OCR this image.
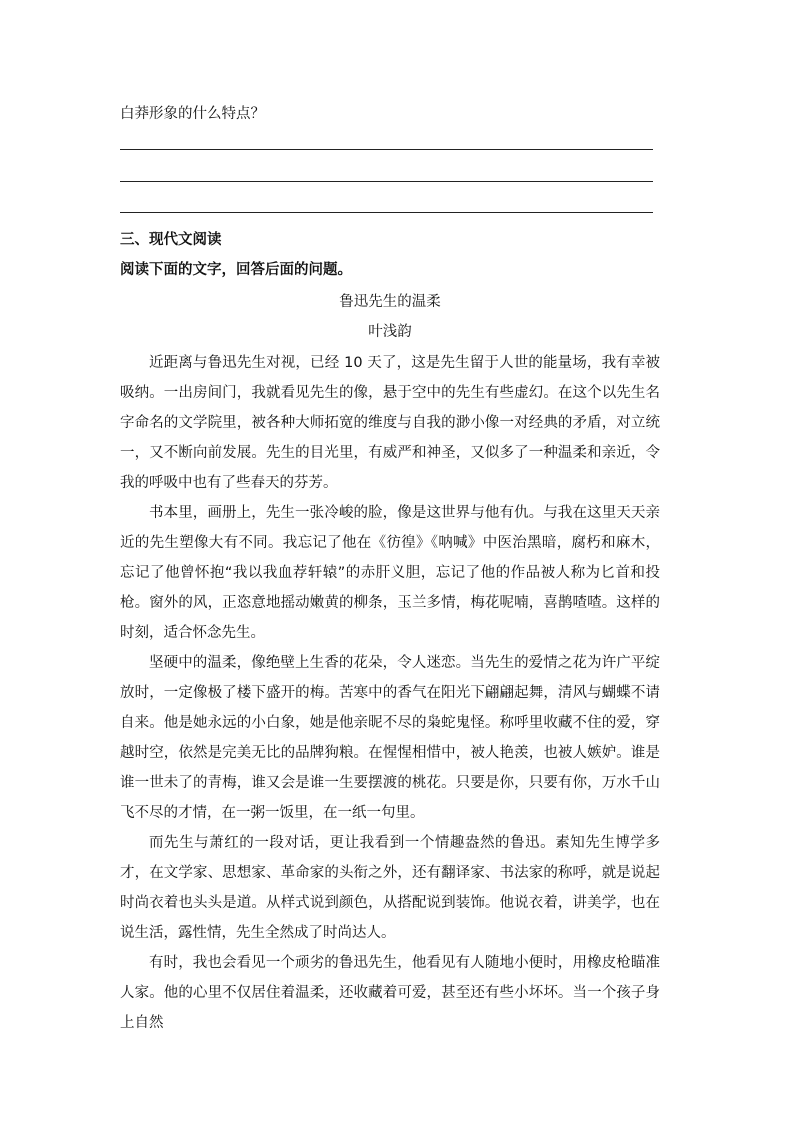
白莽形象的什么特点？
三、现代文阅读
阅读下面的文字，回答后面的问题。
鲁迅先生的温柔
叶浅韵

近距离与鲁迅先生对视，已经 10 天了，这是先生留于人世的能量场，我有幸被吸纳。一出房间门，我就看见先生的像，悬于空中的先生有些虚幻。在这个以先生名字命名的文学院里，被各种大师拓宽的维度与自我的渺小像一对经典的矛盾，对立统一，又不断向前发展。先生的目光里，有威严和神圣，又似多了一种温柔和亲近，令我的呼吸中也有了些春天的芬芳。

书本里，画册上，先生一张冷峻的脸，像是这世界与他有仇。与我在这里天天亲近的先生塑像大有不同。我忘记了他在《彷徨》《呐喊》中医治黑暗，腐朽和麻木，忘记了他曾怀抱“我以我血荐轩辕”的赤肝义胆，忘记了他的作品被人称为匕首和投枪。窗外的风，正恣意地摇动嫩黄的柳条，玉兰多情，梅花呢喃，喜鹊喳喳。这样的时刻，适合怀念先生。

坚硬中的温柔，像绝壁上生香的花朵，令人迷恋。当先生的爱情之花为许广平绽放时，一定像极了楼下盛开的梅。苦寒中的香气在阳光下翩翩起舞，清风与蝴蝶不请自来。他是她永远的小白象，她是他亲昵不尽的枭蛇鬼怪。称呼里收藏不住的爱，穿越时空，依然是完美无比的品牌狗粮。在惺惺相惜中，被人艳羡，也被人嫉妒。谁是谁一世未了的青梅，谁又会是谁一生要摆渡的桃花。只要是你，只要有你，万水千山飞不尽的才情，在一粥一饭里，在一纸一句里。

而先生与萧红的一段对话，更让我看到一个情趣盎然的鲁迅。素知先生博学多才，在文学家、思想家、革命家的头衔之外，还有翻译家、书法家的称呼，就是说起时尚衣着也头头是道。从样式说到颜色，从搭配说到装饰。他说衣着，讲美学，也在说生活，露性情，先生全然成了时尚达人。

有时，我也会看见一个顽劣的鲁迅先生，他看见有人随地小便时，用橡皮枪瞄准人家。他的心里不仅居住着温柔，还收藏着可爱，甚至还有些小坏坏。当一个孩子身上自然
